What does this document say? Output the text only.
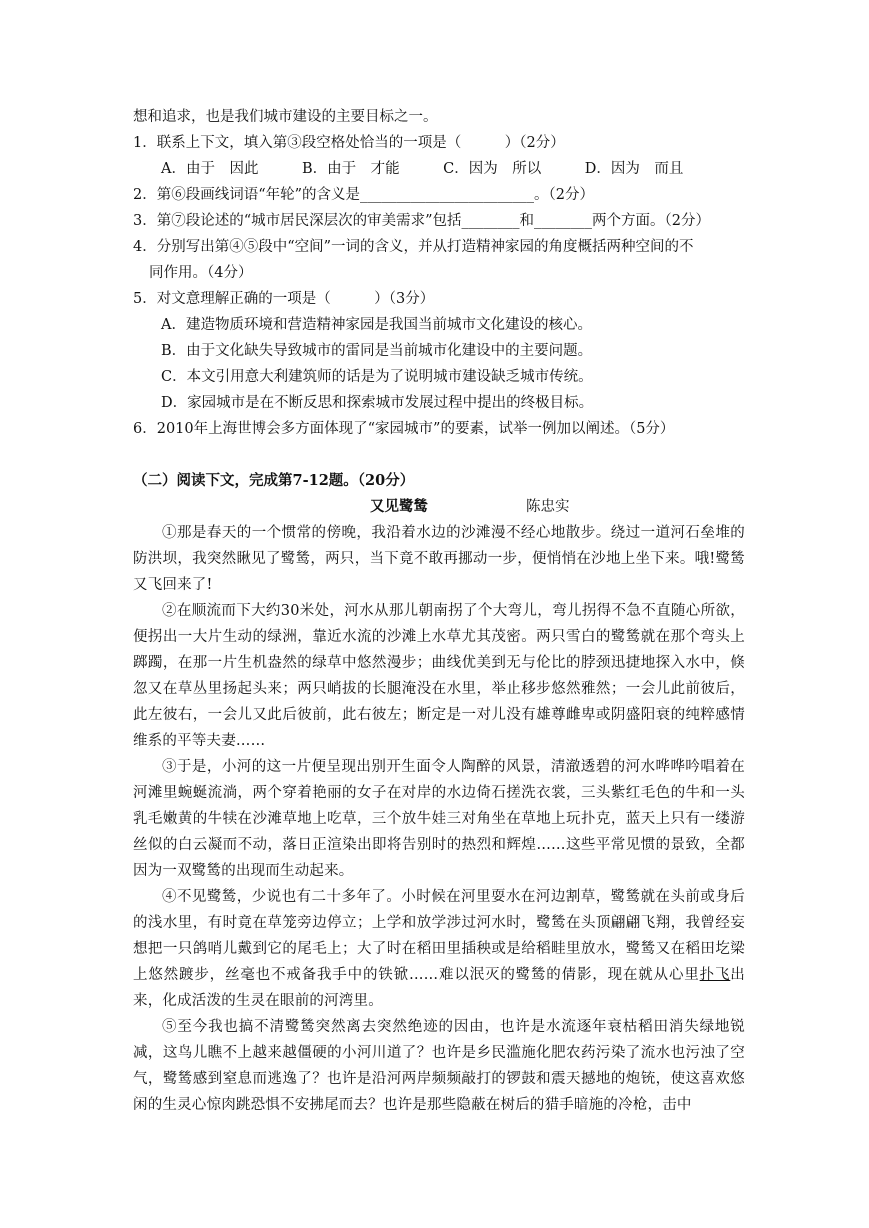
想和追求，也是我们城市建设的主要目标之一。
1．联系上下文，填入第③段空格处恰当的一项是（　　　）（2分）
A．由于　因此　　　B．由于　才能　　　C．因为　所以　　　D．因为　而且
2．第⑥段画线词语“年轮”的含义是________________________。（2分）
3．第⑦段论述的“城市居民深层次的审美需求”包括________和________两个方面。（2分）
4．分别写出第④⑤段中“空间”一词的含义，并从打造精神家园的角度概括两种空间的不
同作用。（4分）
5．对文意理解正确的一项是（　　　）（3分）
A．建造物质环境和营造精神家园是我国当前城市文化建设的核心。
B．由于文化缺失导致城市的雷同是当前城市化建设中的主要问题。
C．本文引用意大利建筑师的话是为了说明城市建设缺乏城市传统。
D．家园城市是在不断反思和探索城市发展过程中提出的终极目标。
6．2010年上海世博会多方面体现了“家园城市”的要素，试举一例加以阐述。（5分）
（二）阅读下文，完成第7-12题。（20分）
又见鹭鸶	陈忠实
①那是春天的一个惯常的傍晚，我沿着水边的沙滩漫不经心地散步。绕过一道河石垒堆的防洪坝，我突然瞅见了鹭鸶，两只，当下竟不敢再挪动一步，便悄悄在沙地上坐下来。哦!鹭鸶又飞回来了!
②在顺流而下大约30米处，河水从那儿朝南拐了个大弯儿，弯儿拐得不急不直随心所欲，便拐出一大片生动的绿洲，靠近水流的沙滩上水草尤其茂密。两只雪白的鹭鸶就在那个弯头上踯躅，在那一片生机盎然的绿草中悠然漫步；曲线优美到无与伦比的脖颈迅捷地探入水中，倏忽又在草丛里扬起头来；两只峭拔的长腿淹没在水里，举止移步悠然雅然；一会儿此前彼后，此左彼右，一会儿又此后彼前，此右彼左；断定是一对儿没有雄尊雌卑或阴盛阳衰的纯粹感情维系的平等夫妻……
③于是，小河的这一片便呈现出别开生面令人陶醉的风景，清澈透碧的河水哗哗吟唱着在河滩里蜿蜒流淌，两个穿着艳丽的女子在对岸的水边倚石搓洗衣裳，三头紫红毛色的牛和一头乳毛嫩黄的牛犊在沙滩草地上吃草，三个放牛娃三对角坐在草地上玩扑克，蓝天上只有一缕游丝似的白云凝而不动，落日正渲染出即将告别时的热烈和辉煌……这些平常见惯的景致，全都因为一双鹭鸶的出现而生动起来。
④不见鹭鸶，少说也有二十多年了。小时候在河里耍水在河边割草，鹭鸶就在头前或身后的浅水里，有时竟在草笼旁边停立；上学和放学涉过河水时，鹭鸶在头顶翩翩飞翔，我曾经妄想把一只鸽哨儿戴到它的尾毛上；大了时在稻田里插秧或是给稻畦里放水，鹭鸶又在稻田圪梁上悠然踱步，丝毫也不戒备我手中的铁锨……难以泯灭的鹭鸶的倩影，现在就从心里扑飞出来，化成活泼的生灵在眼前的河湾里。
⑤至今我也搞不清鹭鸶突然离去突然绝迹的因由，也许是水流逐年衰枯稻田消失绿地锐减，这鸟儿瞧不上越来越僵硬的小河川道了？也许是乡民滥施化肥农药污染了流水也污浊了空气，鹭鸶感到窒息而逃逸了？也许是沿河两岸频频敲打的锣鼓和震天撼地的炮铳，使这喜欢悠闲的生灵心惊肉跳恐惧不安拂尾而去？也许是那些隐蔽在树后的猎手暗施的冷枪，击中
